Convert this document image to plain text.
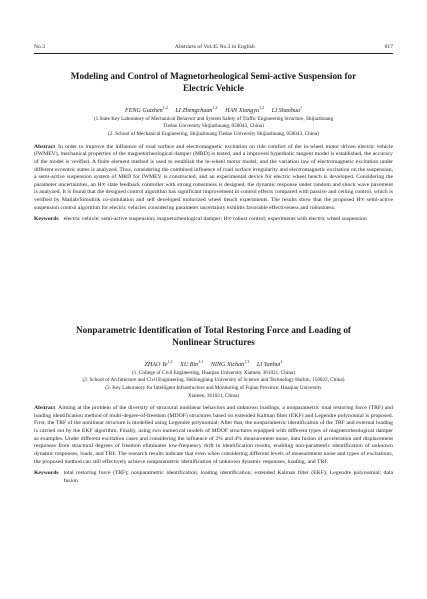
No.3	Abstracts of Vol.45 No.3 in English	617
Modeling and Control of Magnetorheological Semi-active Suspension for
Electric Vehicle
FENG Guizhen$^{1,2}$  LI Zhengchuan$^{1,2}$  HAN Xiangyu$^{1,2}$  LI Shaohua$^1$
(1.State Key Laboratory of Mechanical Behavior and System Safety of Traffic Engineering Structure, Shijiazhuang
Tiedao University Shijiazhuang, 050043, China)
(2. School of Mechanical Engineering, Shijiazhuang Tiedao University Shijiazhuang, 050043, China)
Abstract In order to improve the influence of road surface and electromagnetic excitation on ride comfort of the in-wheel motor driven electric vehicle (IWMEV), mechanical properties of the magnetorheological damper (MRD) is tested, and a improved hyperbolic tangent model is established, the accuracy of the model is verified. A finite element method is used to establish the in-wheel motor model, and the variation law of electromagnetic excitation under different eccentric states is analyzed. Thus, considering the combined influence of road surface irregularity and electromagnetic excitation on the suspension, a semi-active suspension system of MRD for IWMEV is constructed, and an experimental device for electric wheel bench is developed. Considering the parameter uncertainties, an H∞ state feedback controller with strong robustness is designed, the dynamic response under random and shock wave pavement is analyzed. It is found that the designed control algorithm has significant improvement in control effects compared with passive and ceiling control, which is verified by Matlab/Simulink co-simulation and self developed motorized wheel bench experiments. The results show that the proposed H∞ semi-active suspension control algorithm for electric vehicles considering parameter uncertainty exhibits favorable effectiveness and robustness.
Keywords electric vehicle; semi-active suspension; magnetorheological damper; H∞ robust control; experiments with electric wheel suspension
Nonparametric Identification of Total Restoring Force and Loading of
Nonlinear Structures
ZHAO Ye$^{1,2}$  XU Bin$^{1,3}$  NING Xichan$^{1,3}$  LI Yanhui$^1$
(1. College of Civil Engineering, Huaqiao University Xiamen, 361021, China)
(2. School of Architecture and Civil Engineering, Heilongjiang University of Science and Technology Harbin, 150022, China)
(3. Key Laboratory for Intelligent Infrastructure and Monitoring of Fujian Province, Huaqiao University
Xiamen, 361021, China)
Abstract Aiming at the problem of the diversity of structural nonlinear behaviors and unknown loadings, a nonparametric total restoring force (TRF) and loading identification method of multi-degree-of-freedom (MDOF) structures based on extended Kalman filter (EKF) and Legendre polynomial is proposed. First, the TRF of the nonlinear structure is modelled using Legendre polynomial; After that, the nonparametric identification of the TRF and external loading is carried out by the EKF algorithm. Finally, using two numerical models of MDOF structures equipped with different types of magnetorheological damper as examples. Under different excitation cases and considering the influence of 2% and 4% measurement noise, data fusion of acceleration and displacement responses from structural degrees of freedom eliminates low-frequency drift in identification results, enabling non-parametric identification of unknown dynamic responses, loads, and TRF. The research results indicate that even when considering different levels of measurement noise and types of excitations, the proposed method can still effectively achieve nonparametric identification of unknown dynamic responses, loading, and TRF.
Keywords total restoring force (TRF); nonparametric identification; loading identification; extended Kalman filter (EKF); Legendre polynomial; data fusion
